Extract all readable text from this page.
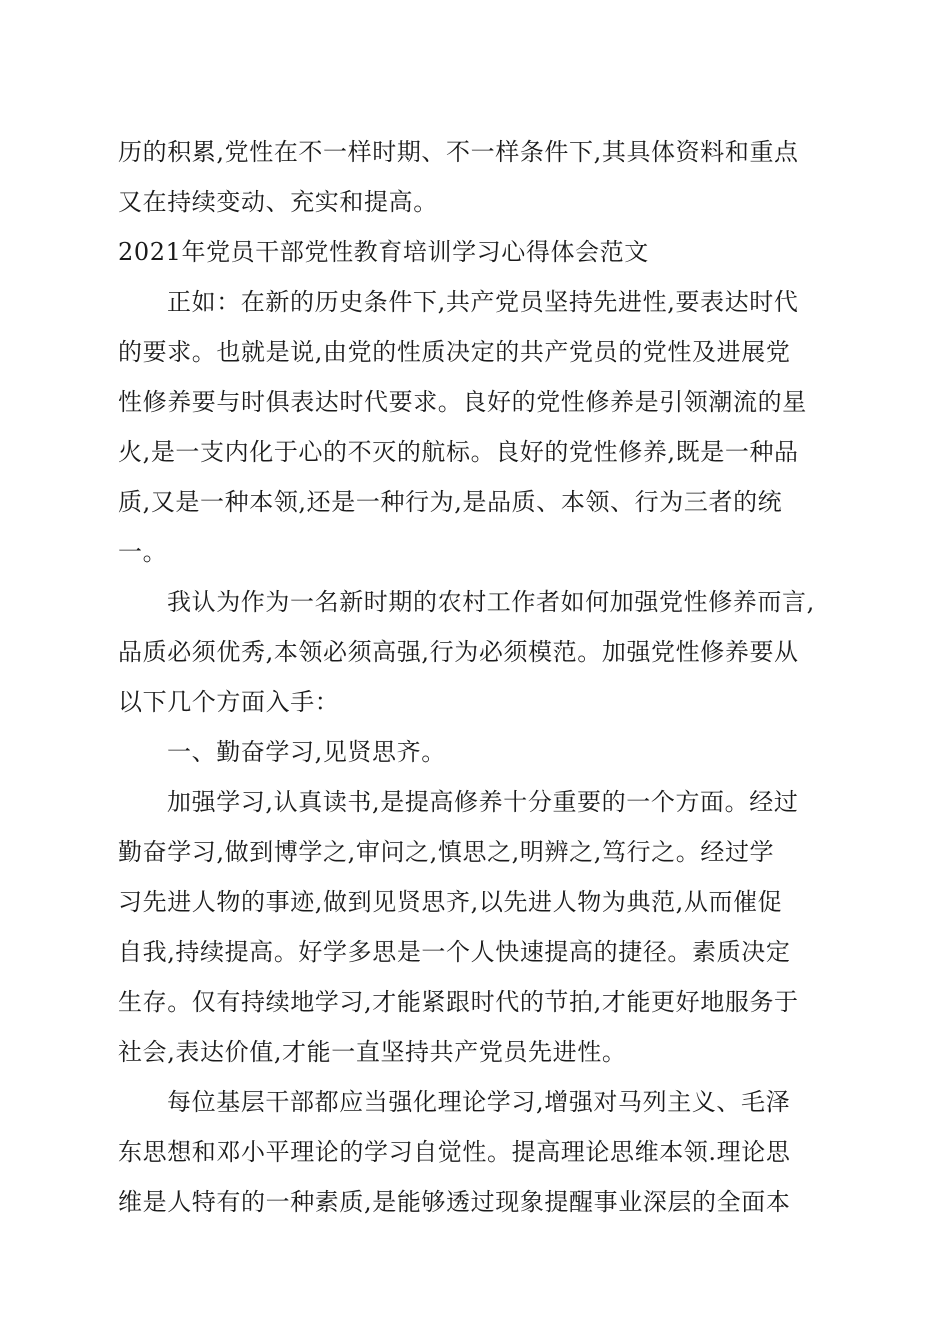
历的积累,党性在不一样时期、不一样条件下,其具体资料和重点
又在持续变动、充实和提高。
2021年党员干部党性教育培训学习心得体会范文
正如：在新的历史条件下,共产党员坚持先进性,要表达时代
的要求。也就是说,由党的性质决定的共产党员的党性及进展党
性修养要与时俱表达时代要求。良好的党性修养是引领潮流的星
火,是一支内化于心的不灭的航标。良好的党性修养,既是一种品
质,又是一种本领,还是一种行为,是品质、本领、行为三者的统
一。
我认为作为一名新时期的农村工作者如何加强党性修养而言,
品质必须优秀,本领必须高强,行为必须模范。加强党性修养要从
以下几个方面入手：
一、勤奋学习,见贤思齐。
加强学习,认真读书,是提高修养十分重要的一个方面。经过
勤奋学习,做到博学之,审问之,慎思之,明辨之,笃行之。经过学
习先进人物的事迹,做到见贤思齐,以先进人物为典范,从而催促
自我,持续提高。好学多思是一个人快速提高的捷径。素质决定
生存。仅有持续地学习,才能紧跟时代的节拍,才能更好地服务于
社会,表达价值,才能一直坚持共产党员先进性。
每位基层干部都应当强化理论学习,增强对马列主义、毛泽
东思想和邓小平理论的学习自觉性。提高理论思维本领.理论思
维是人特有的一种素质,是能够透过现象提醒事业深层的全面本
